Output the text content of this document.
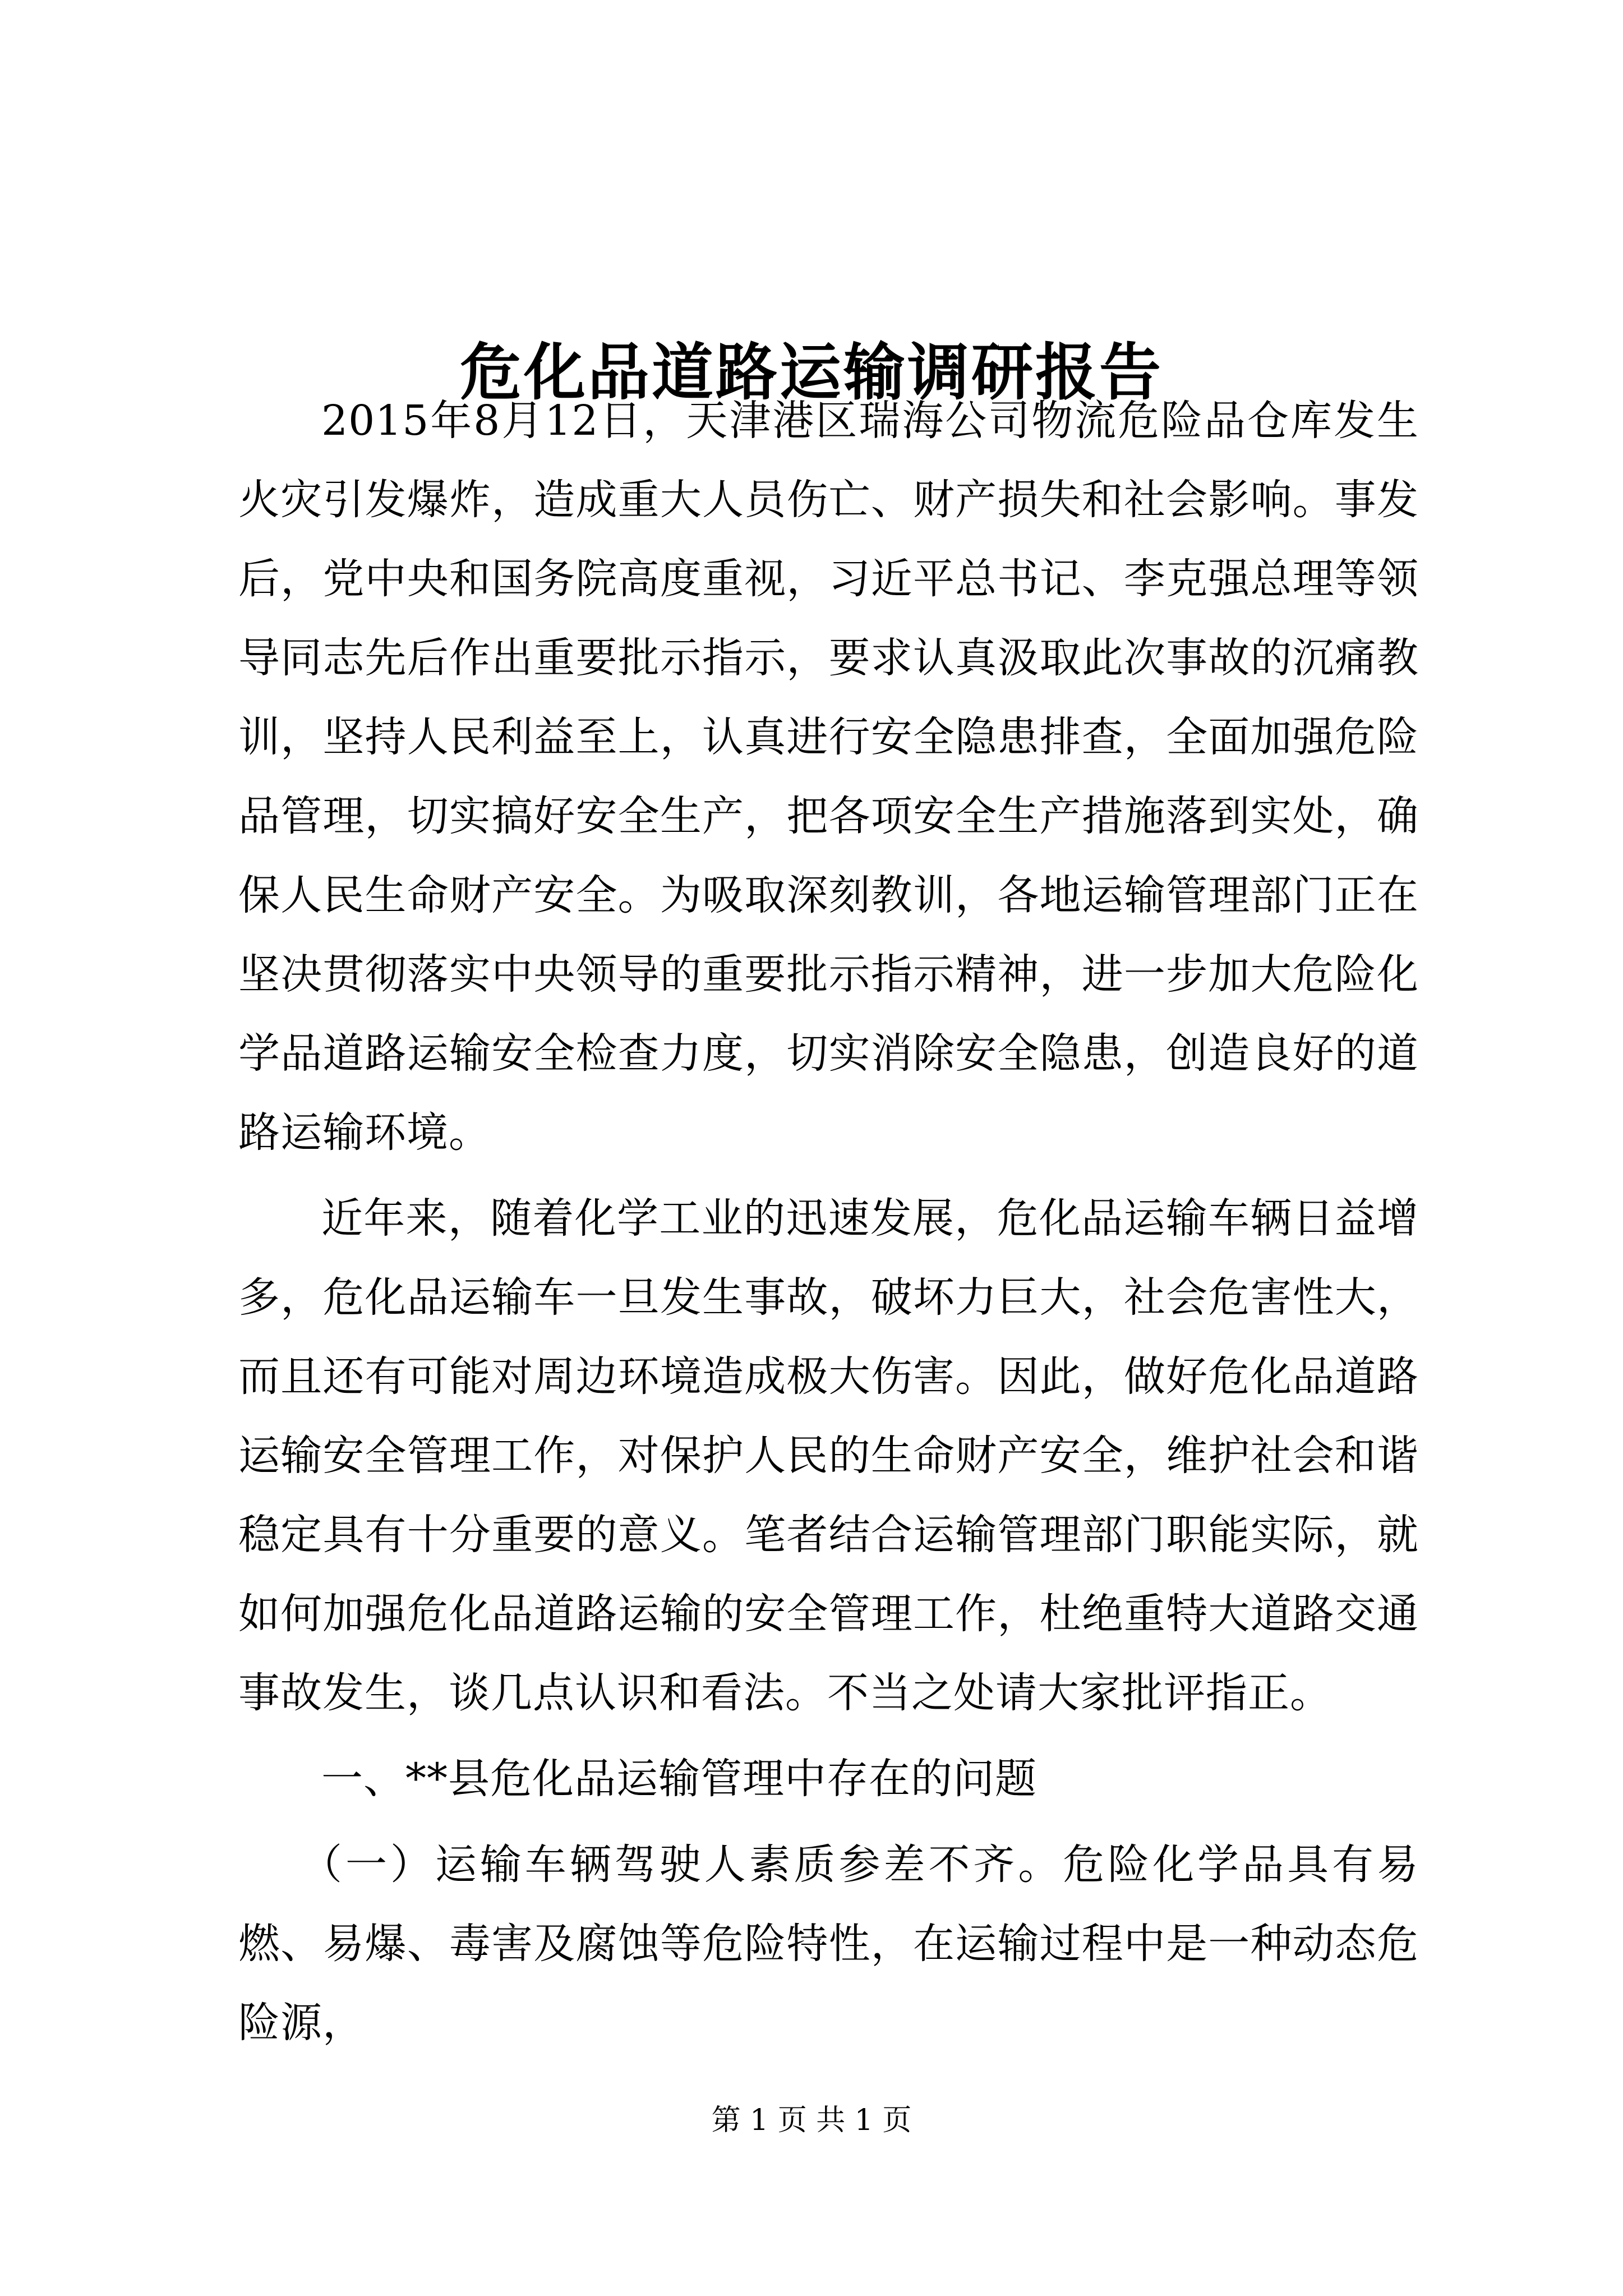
危化品道路运输调研报告

2015年8月12日，天津港区瑞海公司物流危险品仓库发生火灾引发爆炸，造成重大人员伤亡、财产损失和社会影响。事发后，党中央和国务院高度重视，习近平总书记、李克强总理等领导同志先后作出重要批示指示，要求认真汲取此次事故的沉痛教训，坚持人民利益至上，认真进行安全隐患排查，全面加强危险品管理，切实搞好安全生产，把各项安全生产措施落到实处，确保人民生命财产安全。为吸取深刻教训，各地运输管理部门正在坚决贯彻落实中央领导的重要批示指示精神，进一步加大危险化学品道路运输安全检查力度，切实消除安全隐患，创造良好的道路运输环境。

近年来，随着化学工业的迅速发展，危化品运输车辆日益增多，危化品运输车一旦发生事故，破坏力巨大，社会危害性大，而且还有可能对周边环境造成极大伤害。因此，做好危化品道路运输安全管理工作，对保护人民的生命财产安全，维护社会和谐稳定具有十分重要的意义。笔者结合运输管理部门职能实际，就如何加强危化品道路运输的安全管理工作，杜绝重特大道路交通事故发生，谈几点认识和看法。不当之处请大家批评指正。

一、**县危化品运输管理中存在的问题

（一）运输车辆驾驶人素质参差不齐。危险化学品具有易燃、易爆、毒害及腐蚀等危险特性，在运输过程中是一种动态危险源，

第 1 页 共 1 页
